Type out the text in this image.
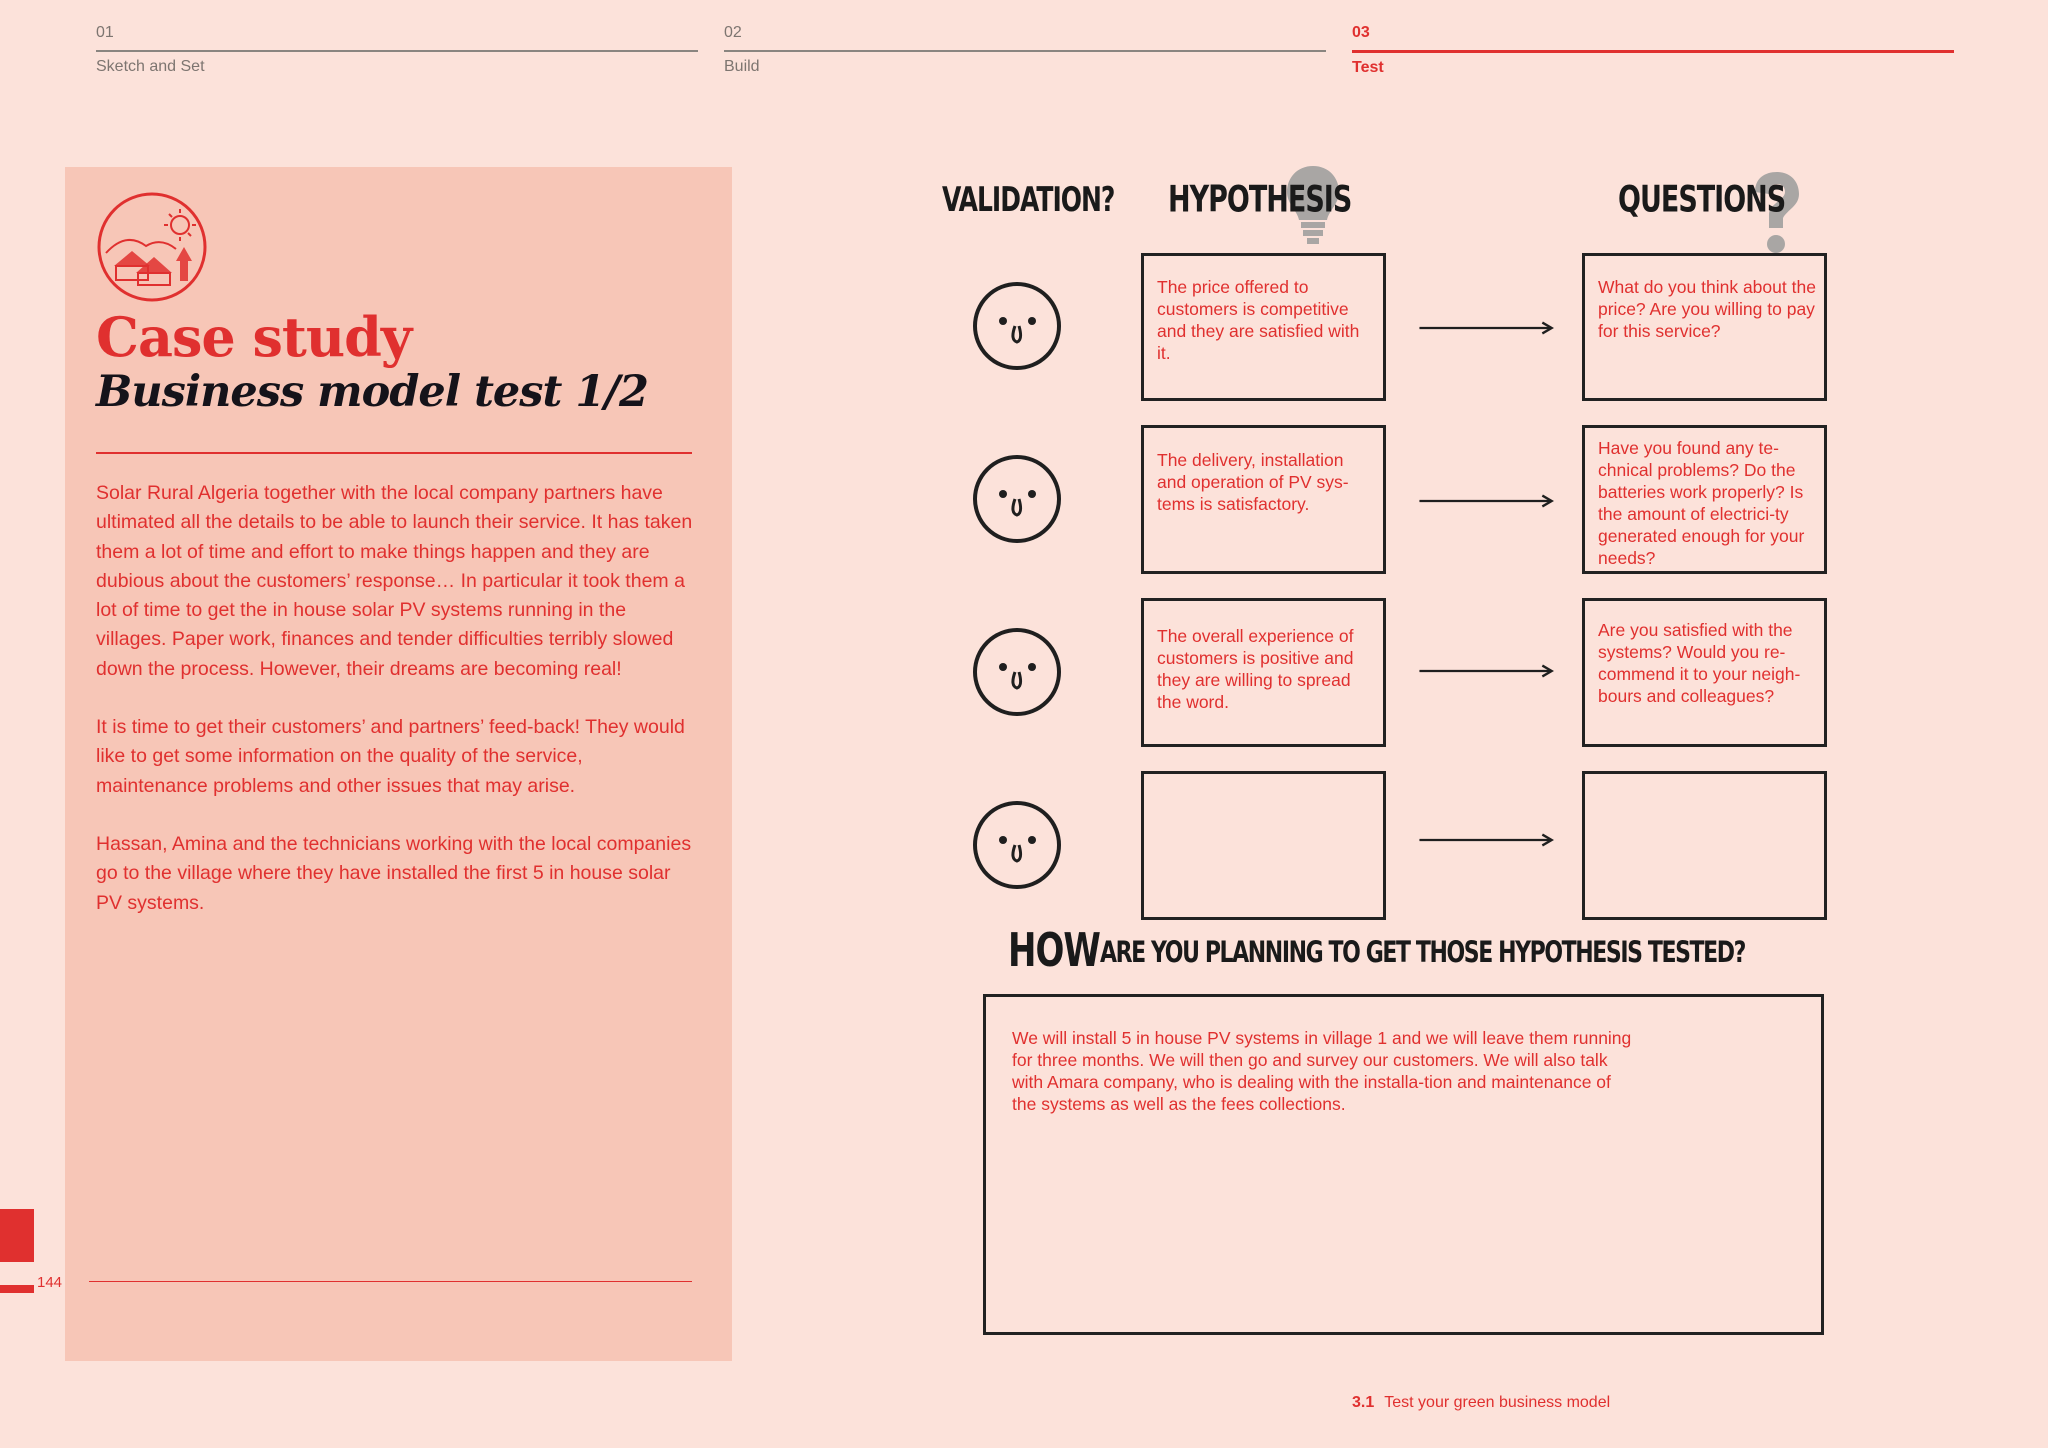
01
Sketch and Set
02
Build
03
Test
Case study
Business model test 1/2

Solar Rural Algeria together with the local company partners have ultimated all the details to be able to launch their service. It has taken them a lot of time and effort to make things happen and they are dubious about the customers’ response… In particular it took them a lot of time to get the in house solar PV systems running in the villages. Paper work, finances and tender difficulties terribly slowed down the process. However, their dreams are becoming real!

It is time to get their customers’ and partners’ feed-back! They would like to get some information on the quality of the service, maintenance problems and other issues that may arise.

Hassan, Amina and the technicians working with the local companies go to the village where they have installed the first 5 in house solar PV systems.

144
VALIDATION? HYPOTHESIS	QUESTIONS
The price offered to customers is competitive and they are satisfied with it.
What do you think about the price? Are you willing to pay for this service?
The delivery, installation and operation of PV sys-tems is satisfactory.
Have you found any te-chnical problems? Do the batteries work properly? Is the amount of electrici-ty generated enough for your needs?
The overall experience of customers is positive and they are willing to spread the word.
Are you satisfied with the systems? Would you re-commend it to your neigh-bours and colleagues?
HOW ARE YOU PLANNING TO GET THOSE HYPOTHESIS TESTED?
We will install 5 in house PV systems in village 1 and we will leave them running for three months. We will then go and survey our customers. We will also talk with Amara company, who is dealing with the installa-tion and maintenance of the systems as well as the fees collections.
3.1 Test your green business model
